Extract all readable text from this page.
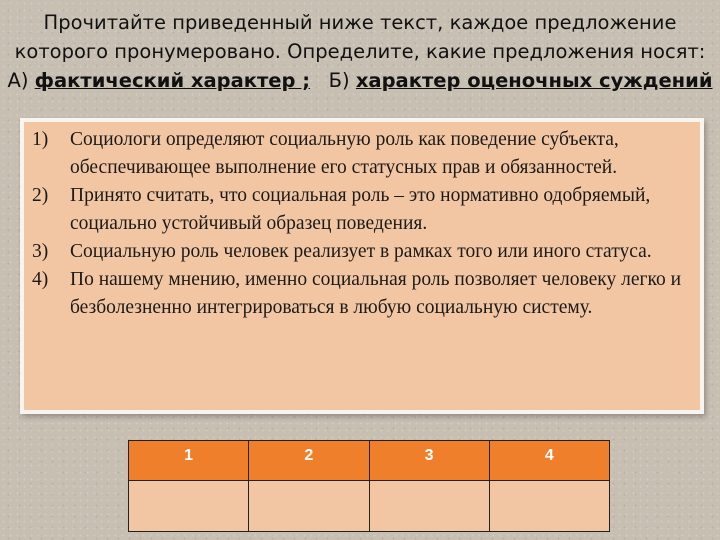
Прочитайте приведенный ниже текст, каждое предложение
которого пронумеровано. Определите, какие предложения носят:
А) фактический характер ; Б) характер оценочных суждений
1) Социологи определяют социальную роль как поведение субъекта, обеспечивающее выполнение его статусных прав и обязанностей.
2) Принято считать, что социальная роль – это нормативно одобряемый, социально устойчивый образец поведения.
3) Социальную роль человек реализует в рамках того или иного статуса.
4) По нашему мнению, именно социальная роль позволяет человеку легко и безболезненно интегрироваться в любую социальную систему.
1	2	3	4
